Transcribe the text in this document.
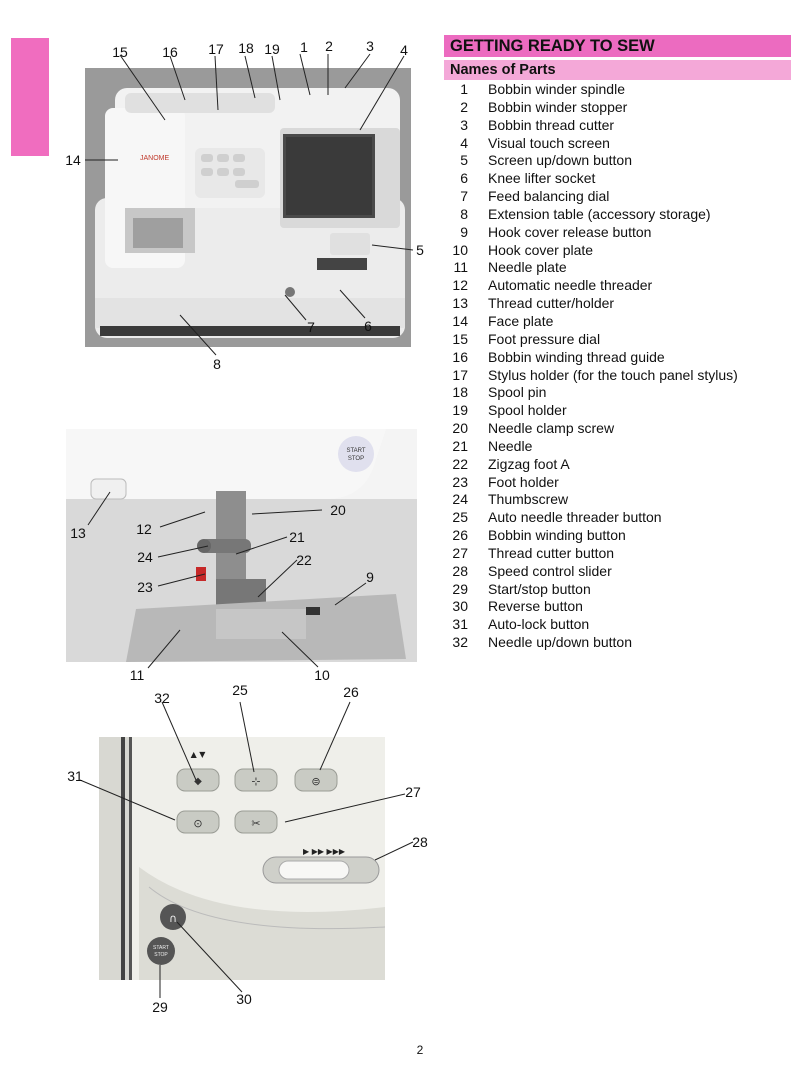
GETTING READY TO SEW
Names of Parts
1 Bobbin winder spindle
2 Bobbin winder stopper
3 Bobbin thread cutter
4 Visual touch screen
5 Screen up/down button
6 Knee lifter socket
7 Feed balancing dial
8 Extension table (accessory storage)
9 Hook cover release button
10 Hook cover plate
11 Needle plate
12 Automatic needle threader
13 Thread cutter/holder
14 Face plate
15 Foot pressure dial
16 Bobbin winding thread guide
17 Stylus holder (for the touch panel stylus)
18 Spool pin
19 Spool holder
20 Needle clamp screw
21 Needle
22 Zigzag foot A
23 Foot holder
24 Thumbscrew
25 Auto needle threader button
26 Bobbin winding button
27 Thread cutter button
28 Speed control slider
29 Start/stop button
30 Reverse button
31 Auto-lock button
32 Needle up/down button
JANOME
START
STOP
◆	⊹	⊜
⊙	✂
▲ ▼
▶ ▶▶ ▶▶▶
∩
START
STOP
1 2 3 4
5
6
7
8
9
10
11
12
13
14
15 16 17 18 19
20
21
22
23
24
25	26
27
28
29	30
31
32
2
